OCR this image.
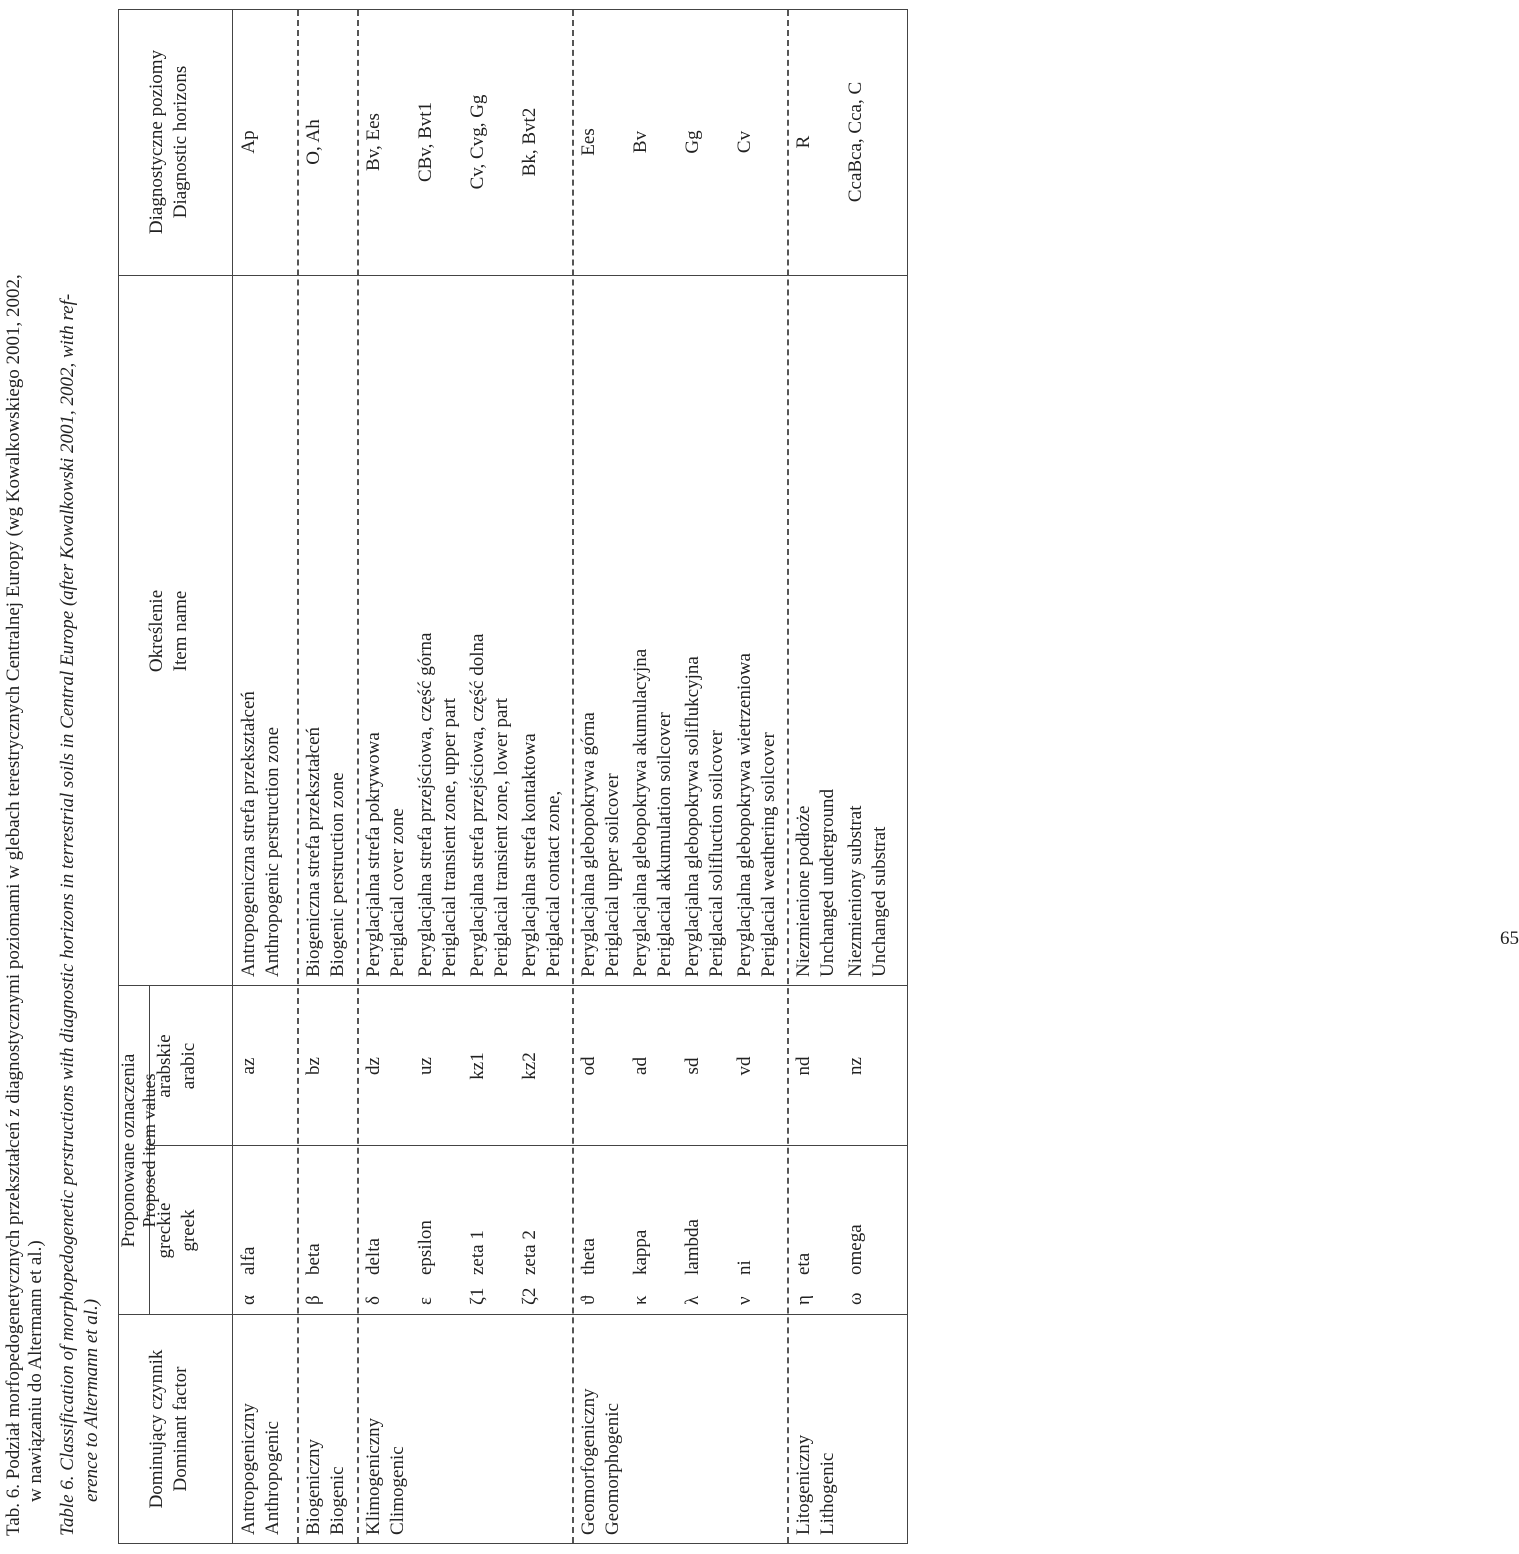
Tab. 6. Podział morfopedogenetycznych przekształceń z diagnostycznymi poziomami w glebach terestrycznych Centralnej Europy (wg Kowalkowskiego 2001, 2002, w nawiązaniu do Altermann et al.) Table 6. Classification of morphopedogenetic perstructions with diagnostic horizons in terrestrial soils in Central Europe (after Kowalkowski 2001, 2002, with ref- erence to Altermann et al.) Dominujący czynnik Dominant factor
Proponowane oznaczenia Proposed item values
greckie greek
arabskie arabic
Określenie Item name
Diagnostyczne poziomy Diagnostic horizons
Antropogeniczny Anthropogenic
α
alfa
az
Antropogeniczna strefa przekształceń Anthropogenic perstruction zone
Ap
Biogeniczny Biogenic
β
beta
bz
Biogeniczna strefa przekształceń Biogenic perstruction zone
O, Ah
Klimogeniczny Climogenic
δ
delta
dz
Peryglacjalna strefa pokrywowa Periglacial cover zone
Bv, Ees
ε
epsilon
uz
Peryglacjalna strefa przejściowa, część górna Periglacial transient zone, upper part
CBv, Bvt1
ζ1
zeta 1
kz1
Peryglacjalna strefa przejściowa, część dolna Periglacial transient zone, lower part
Cv, Cvg, Gg
ζ2
zeta 2
kz2
Peryglacjalna strefa kontaktowa Periglacial contact zone,
Bk, Bvt2
Geomorfogeniczny Geomorphogenic
ϑ
theta
od
Peryglacjalna glebopokrywa górna Periglacial upper soilcover
Ees
κ
kappa
ad
Peryglacjalna glebopokrywa akumulacyjna Periglacial akkumulation soilcover
Bv
λ
lambda
sd
Peryglacjalna glebopokrywa soliflukcyjna Periglacial solifluction soilcover
Gg
ν
ni
vd
Peryglacjalna glebopokrywa wietrzeniowa Periglacial weathering soilcover
Cv
Litogeniczny Lithogenic
η
eta
nd
Niezmienione podłoże Unchanged underground
R
ω
omega
nz
Niezmieniony substrat Unchanged substrat
CcaBca, Cca, C
65
